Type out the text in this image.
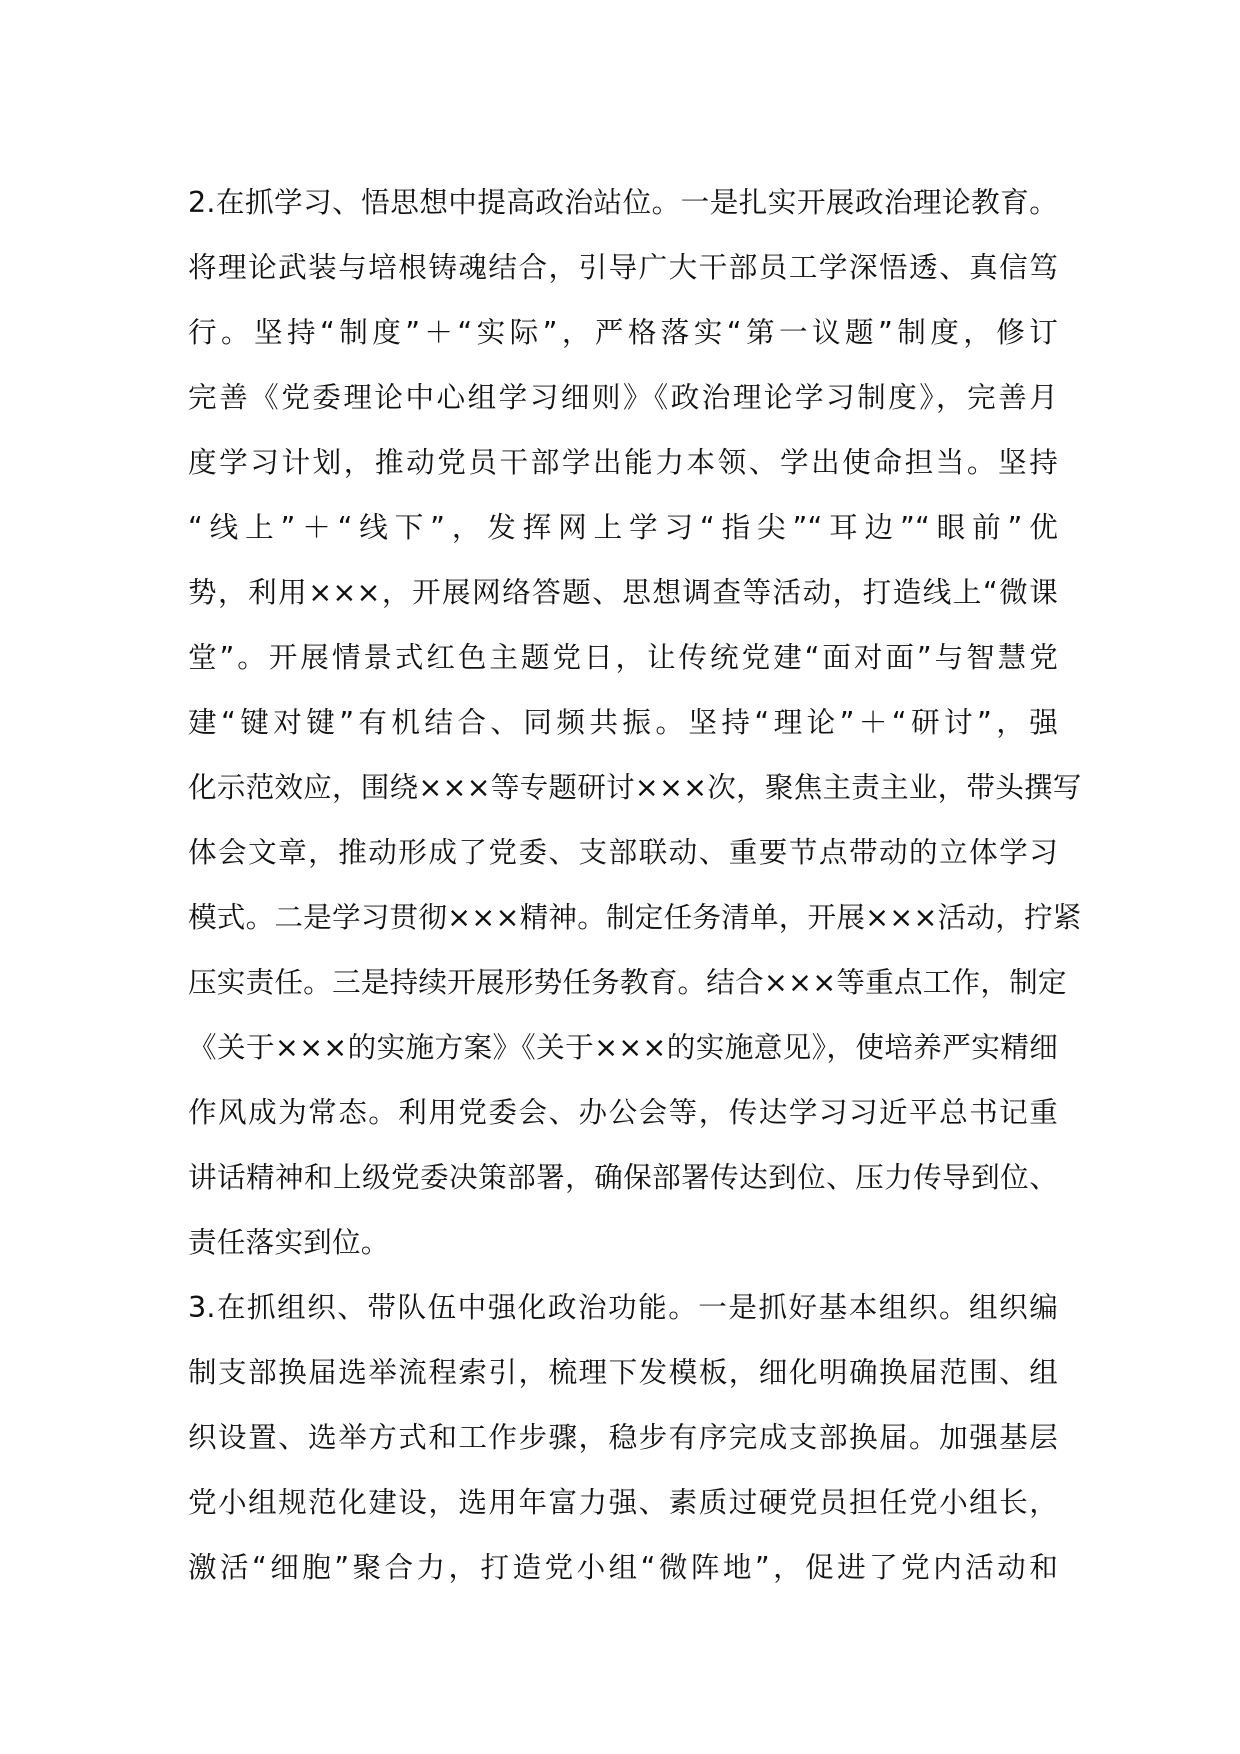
2.在抓学习、悟思想中提高政治站位。一是扎实开展政治理论教育。
将理论武装与培根铸魂结合，引导广大干部员工学深悟透、真信笃
行。坚持“制度”＋“实际”，严格落实“第一议题”制度，修订
完善《党委理论中心组学习细则》《政治理论学习制度》，完善月
度学习计划，推动党员干部学出能力本领、学出使命担当。坚持
“线上”＋“线下”，发挥网上学习“指尖”“耳边”“眼前”优
势，利用×××，开展网络答题、思想调查等活动，打造线上“微课
堂”。开展情景式红色主题党日，让传统党建“面对面”与智慧党
建“键对键”有机结合、同频共振。坚持“理论”＋“研讨”，强
化示范效应，围绕×××等专题研讨×××次，聚焦主责主业，带头撰写
体会文章，推动形成了党委、支部联动、重要节点带动的立体学习
模式。二是学习贯彻×××精神。制定任务清单，开展×××活动，拧紧
压实责任。三是持续开展形势任务教育。结合×××等重点工作，制定
《关于×××的实施方案》《关于×××的实施意见》，使培养严实精细
作风成为常态。利用党委会、办公会等，传达学习习近平总书记重
讲话精神和上级党委决策部署，确保部署传达到位、压力传导到位、
责任落实到位。
3.在抓组织、带队伍中强化政治功能。一是抓好基本组织。组织编
制支部换届选举流程索引，梳理下发模板，细化明确换届范围、组
织设置、选举方式和工作步骤，稳步有序完成支部换届。加强基层
党小组规范化建设，选用年富力强、素质过硬党员担任党小组长，
激活“细胞”聚合力，打造党小组“微阵地”，促进了党内活动和
